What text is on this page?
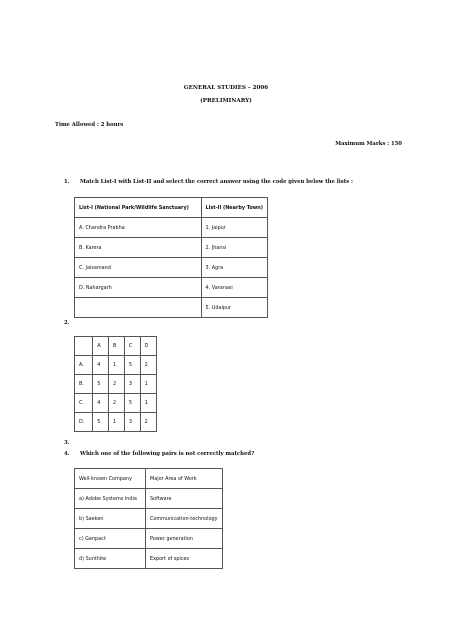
GENERAL STUDIES – 2006
(PRELIMINARY)
Time Allowed : 2 hours
Maximum Marks : 150
1. Match List-I with List-II and select the correct answer using the code given below the lists :
List-I (National Park/Wildlife Sanctuary)	List-II (Nearby Town)
A. Chandra Prabha	1. Jaipur
B. Karera	2. Jhansi
C. Jaisamand	3. Agra
D. Nahargarh	4. Varanasi
	5. Udaipur
2.
	A	B	C	D
A.	4	1	5	2
B.	5	2	3	1
C.	4	2	5	1
D.	5	1	3	2
3.
4. Which one of the following pairs is not correctly matched?
Well-known Company	Major Area of Work
a) Adobe Systems India	Software
b) Saeken	Communication-technology
c) Genpact	Power generation
d) Sunthite	Export of spices
